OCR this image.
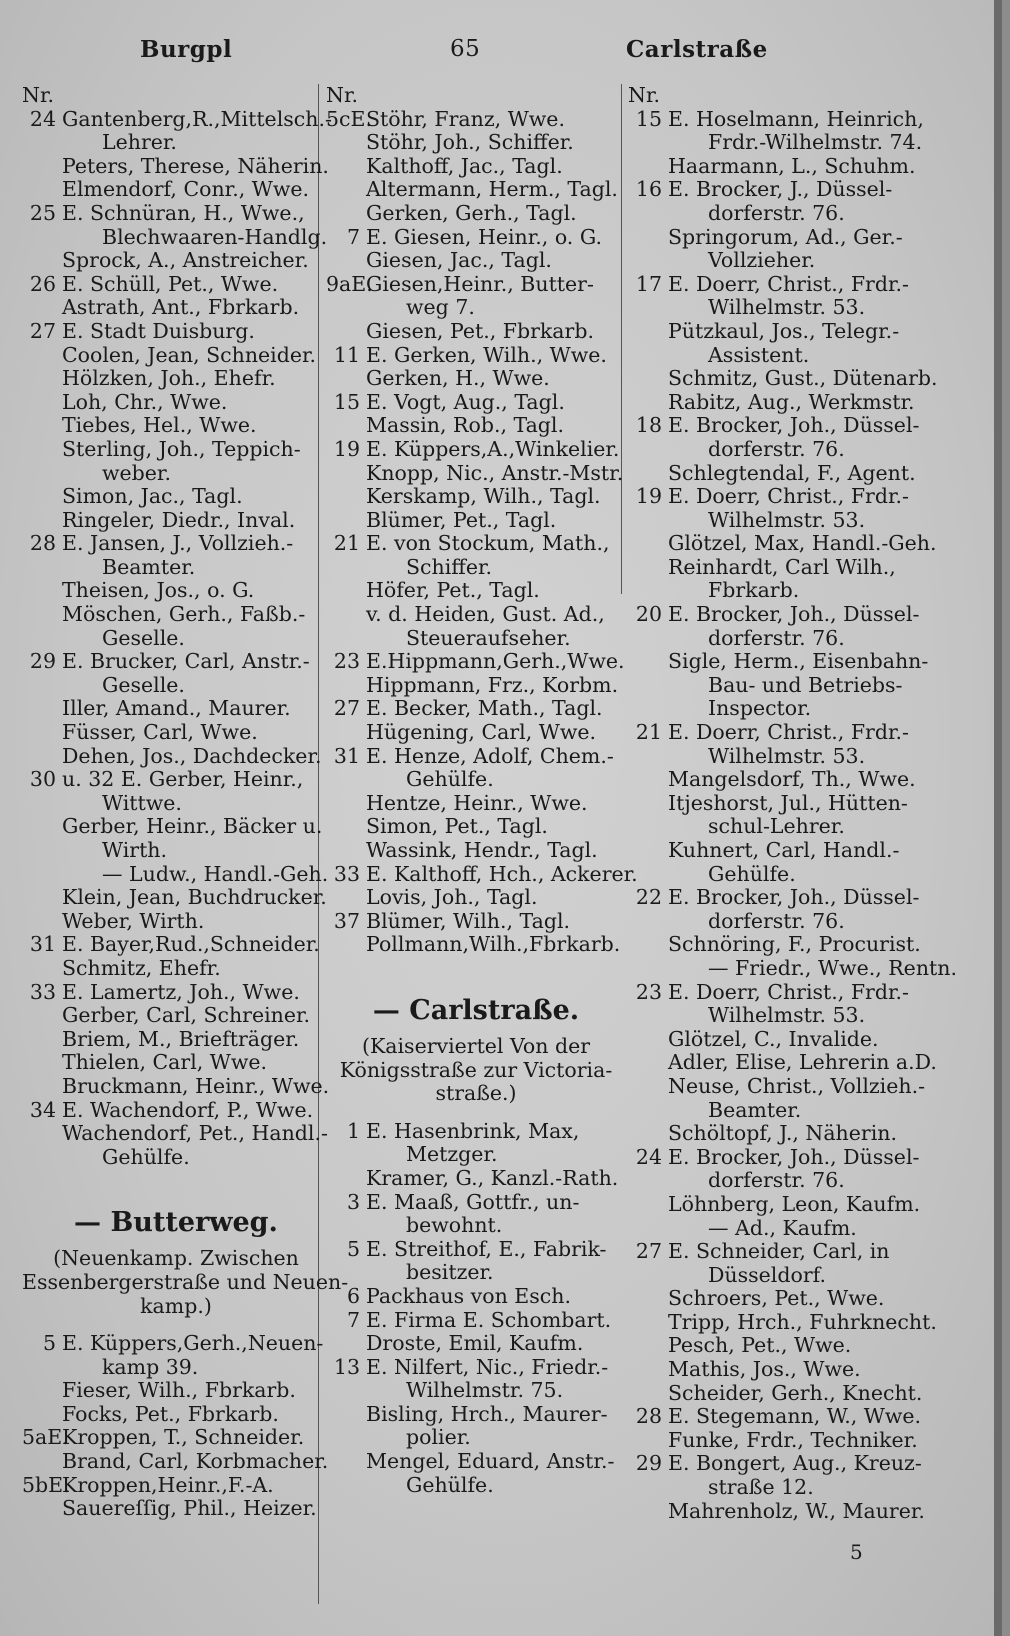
Burgpl	65	Carlstraße
Nr.
24 Gantenberg,R.,Mittelsch.-
Lehrer.
Peters, Therese, Näherin.
Elmendorf, Conr., Wwe.
25 E. Schnüran, H., Wwe.,
Blechwaaren-Handlg.
Sprock, A., Anstreicher.
26 E. Schüll, Pet., Wwe.
Astrath, Ant., Fbrkarb.
27 E. Stadt Duisburg.
Coolen, Jean, Schneider.
Hölzken, Joh., Ehefr.
Loh, Chr., Wwe.
Tiebes, Hel., Wwe.
Sterling, Joh., Teppich-
weber.
Simon, Jac., Tagl.
Ringeler, Diedr., Inval.
28 E. Jansen, J., Vollzieh.-
Beamter.
Theisen, Jos., o. G.
Möschen, Gerh., Faßb.-
Geselle.
29 E. Brucker, Carl, Anstr.-
Geselle.
Iller, Amand., Maurer.
Füsser, Carl, Wwe.
Dehen, Jos., Dachdecker.
30 u. 32 E. Gerber, Heinr.,
Wittwe.
Gerber, Heinr., Bäcker u.
Wirth.
— Ludw., Handl.-Geh.
Klein, Jean, Buchdrucker.
Weber, Wirth.
31 E. Bayer,Rud.,Schneider.
Schmitz, Ehefr.
33 E. Lamertz, Joh., Wwe.
Gerber, Carl, Schreiner.
Briem, M., Briefträger.
Thielen, Carl, Wwe.
Bruckmann, Heinr., Wwe.
34 E. Wachendorf, P., Wwe.
Wachendorf, Pet., Handl.-
Gehülfe.
— Butterweg.
(Neuenkamp. Zwischen
Essenbergerstraße und Neuen-
kamp.)
5 E. Küppers,Gerh.,Neuen-
kamp 39.
Fieser, Wilh., Fbrkarb.
Focks, Pet., Fbrkarb.
5aE.Kroppen, T., Schneider.
Brand, Carl, Korbmacher.
5bE.Kroppen,Heinr.,F.-A.
Sauereſſig, Phil., Heizer.
Nr.
5cE.Stöhr, Franz, Wwe.
Stöhr, Joh., Schiffer.
Kalthoff, Jac., Tagl.
Altermann, Herm., Tagl.
Gerken, Gerh., Tagl.
7 E. Giesen, Heinr., o. G.
Giesen, Jac., Tagl.
9aE.Giesen,Heinr., Butter-
weg 7.
Giesen, Pet., Fbrkarb.
11 E. Gerken, Wilh., Wwe.
Gerken, H., Wwe.
15 E. Vogt, Aug., Tagl.
Massin, Rob., Tagl.
19 E. Küppers,A.,Winkelier.
Knopp, Nic., Anstr.-Mstr.
Kerskamp, Wilh., Tagl.
Blümer, Pet., Tagl.
21 E. von Stockum, Math.,
Schiffer.
Höfer, Pet., Tagl.
v. d. Heiden, Gust. Ad.,
Steueraufseher.
23 E.Hippmann,Gerh.,Wwe.
Hippmann, Frz., Korbm.
27 E. Becker, Math., Tagl.
Hügening, Carl, Wwe.
31 E. Henze, Adolf, Chem.-
Gehülfe.
Hentze, Heinr., Wwe.
Simon, Pet., Tagl.
Wassink, Hendr., Tagl.
33 E. Kalthoff, Hch., Ackerer.
Lovis, Joh., Tagl.
37 Blümer, Wilh., Tagl.
Pollmann,Wilh.,Fbrkarb.
— Carlstraße.
(Kaiserviertel Von der
Königsstraße zur Victoria-
straße.)
1 E. Hasenbrink, Max,
Metzger.
Kramer, G., Kanzl.-Rath.
3 E. Maaß, Gottfr., un-
bewohnt.
5 E. Streithof, E., Fabrik-
besitzer.
6 Packhaus von Esch.
7 E. Firma E. Schombart.
Droste, Emil, Kaufm.
13 E. Nilfert, Nic., Friedr.-
Wilhelmstr. 75.
Bisling, Hrch., Maurer-
polier.
Mengel, Eduard, Anstr.-
Gehülfe.
Nr.
15 E. Hoselmann, Heinrich,
Frdr.-Wilhelmstr. 74.
Haarmann, L., Schuhm.
16 E. Brocker, J., Düssel-
dorferstr. 76.
Springorum, Ad., Ger.-
Vollzieher.
17 E. Doerr, Christ., Frdr.-
Wilhelmstr. 53.
Pützkaul, Jos., Telegr.-
Assistent.
Schmitz, Gust., Dütenarb.
Rabitz, Aug., Werkmstr.
18 E. Brocker, Joh., Düssel-
dorferstr. 76.
Schlegtendal, F., Agent.
19 E. Doerr, Christ., Frdr.-
Wilhelmstr. 53.
Glötzel, Max, Handl.-Geh.
Reinhardt, Carl Wilh.,
Fbrkarb.
20 E. Brocker, Joh., Düssel-
dorferstr. 76.
Sigle, Herm., Eisenbahn-
Bau- und Betriebs-
Inspector.
21 E. Doerr, Christ., Frdr.-
Wilhelmstr. 53.
Mangelsdorf, Th., Wwe.
Itjeshorst, Jul., Hütten-
schul-Lehrer.
Kuhnert, Carl, Handl.-
Gehülfe.
22 E. Brocker, Joh., Düssel-
dorferstr. 76.
Schnöring, F., Procurist.
— Friedr., Wwe., Rentn.
23 E. Doerr, Christ., Frdr.-
Wilhelmstr. 53.
Glötzel, C., Invalide.
Adler, Elise, Lehrerin a.D.
Neuse, Christ., Vollzieh.-
Beamter.
Schöltopf, J., Näherin.
24 E. Brocker, Joh., Düssel-
dorferstr. 76.
Löhnberg, Leon, Kaufm.
— Ad., Kaufm.
27 E. Schneider, Carl, in
Düsseldorf.
Schroers, Pet., Wwe.
Tripp, Hrch., Fuhrknecht.
Pesch, Pet., Wwe.
Mathis, Jos., Wwe.
Scheider, Gerh., Knecht.
28 E. Stegemann, W., Wwe.
Funke, Frdr., Techniker.
29 E. Bongert, Aug., Kreuz-
straße 12.
Mahrenholz, W., Maurer.
5
